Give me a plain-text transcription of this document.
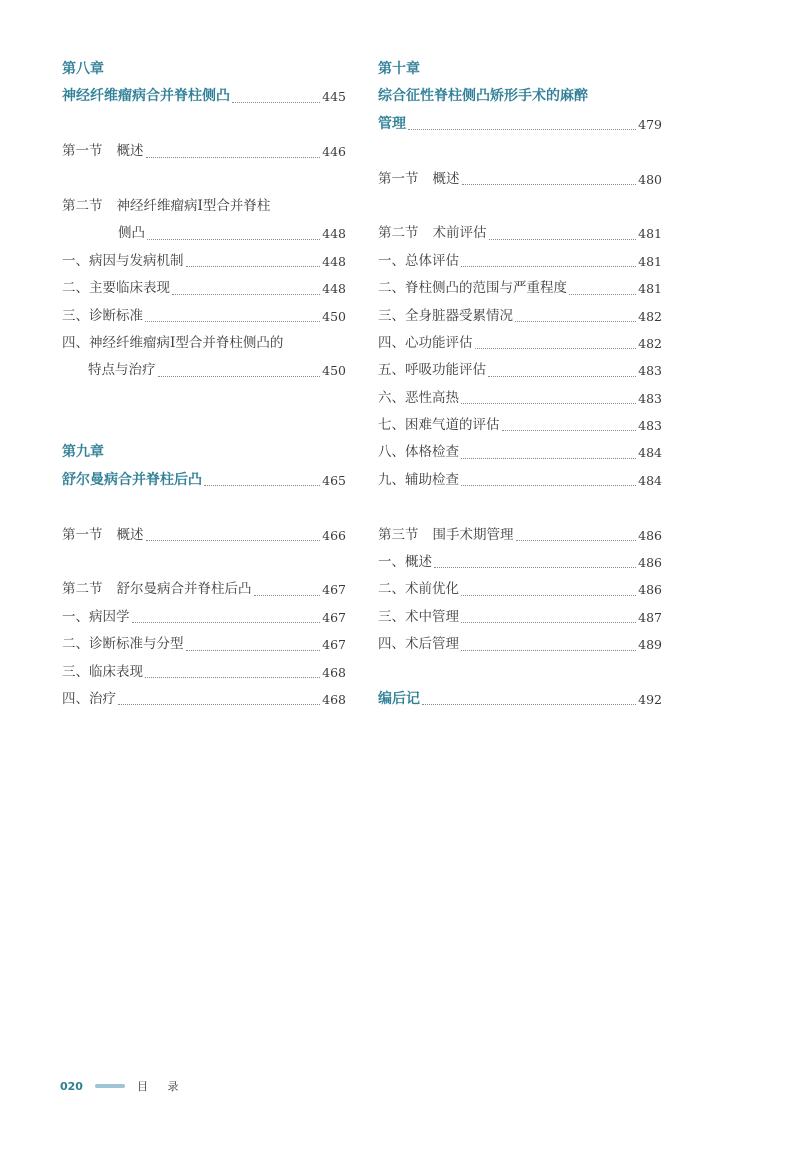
第八章
神经纤维瘤病合并脊柱侧凸	445
第一节 概述	446
第二节 神经纤维瘤病Ⅰ型合并脊柱
侧凸	448
一、病因与发病机制	448
二、主要临床表现	448
三、诊断标准	450
四、神经纤维瘤病Ⅰ型合并脊柱侧凸的
特点与治疗	450
第九章
舒尔曼病合并脊柱后凸	465
第一节 概述	466
第二节 舒尔曼病合并脊柱后凸	467
一、病因学	467
二、诊断标准与分型	467
三、临床表现	468
四、治疗	468
第十章
综合征性脊柱侧凸矫形手术的麻醉
管理	479
第一节 概述	480
第二节 术前评估	481
一、总体评估	481
二、脊柱侧凸的范围与严重程度	481
三、全身脏器受累情况	482
四、心功能评估	482
五、呼吸功能评估	483
六、恶性高热	483
七、困难气道的评估	483
八、体格检查	484
九、辅助检查	484
第三节 围手术期管理	486
一、概述	486
二、术前优化	486
三、术中管理	487
四、术后管理	489
编后记	492
020	目 录
